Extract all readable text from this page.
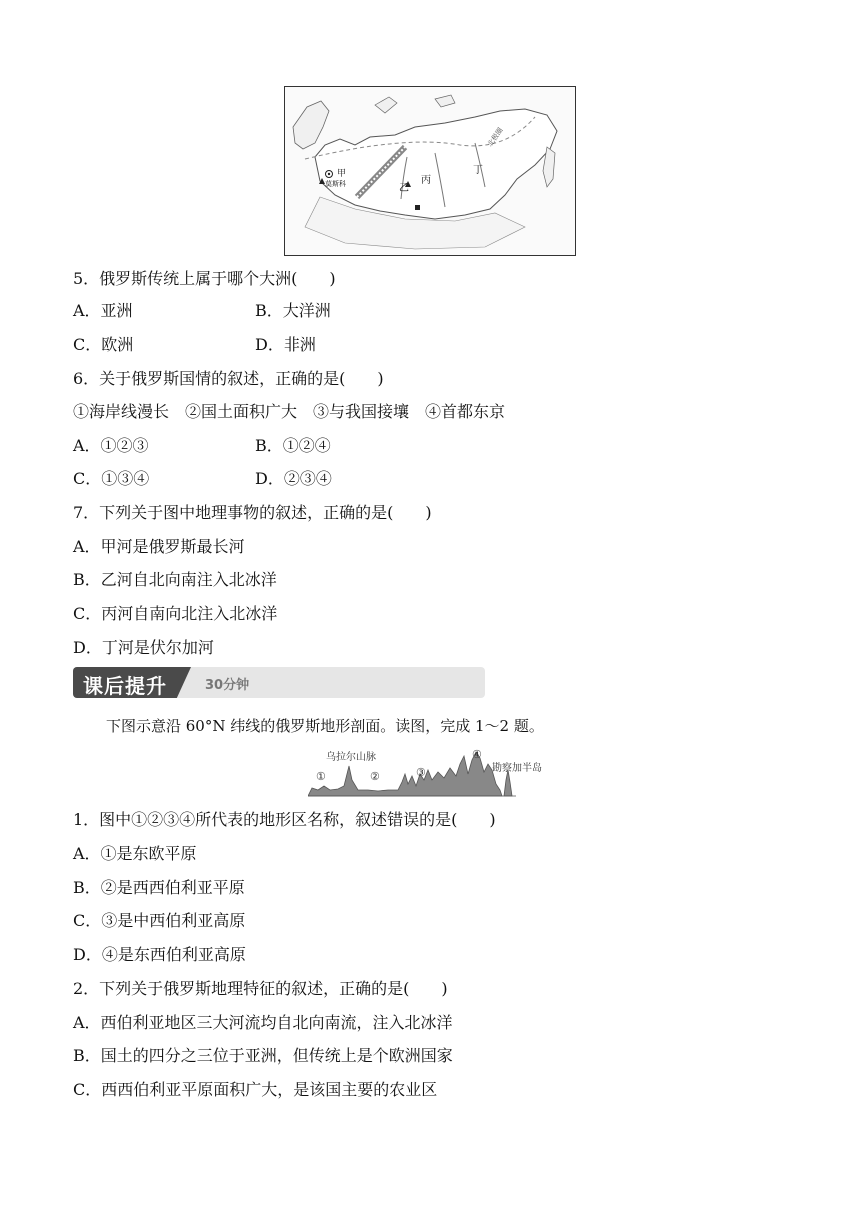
甲
莫斯科	乙
丙
丁
北极圈
5．俄罗斯传统上属于哪个大洲(　　)
A．亚洲	B．大洋洲
C．欧洲	D．非洲
6．关于俄罗斯国情的叙述，正确的是(　　)
①海岸线漫长　②国土面积广大　③与我国接壤　④首都东京
A．①②③	B．①②④
C．①③④	D．②③④
7．下列关于图中地理事物的叙述，正确的是(　　)
A．甲河是俄罗斯最长河
B．乙河自北向南注入北冰洋
C．丙河自南向北注入北冰洋
D．丁河是伏尔加河
课后提升	30分钟
下图示意沿 60°N 纬线的俄罗斯地形剖面。读图，完成 1～2 题。
乌拉尔山脉
①	②	③
④
勘察加半岛
1．图中①②③④所代表的地形区名称，叙述错误的是(　　)
A．①是东欧平原
B．②是西西伯利亚平原
C．③是中西伯利亚高原
D．④是东西伯利亚高原
2．下列关于俄罗斯地理特征的叙述，正确的是(　　)
A．西伯利亚地区三大河流均自北向南流，注入北冰洋
B．国土的四分之三位于亚洲，但传统上是个欧洲国家
C．西西伯利亚平原面积广大，是该国主要的农业区
